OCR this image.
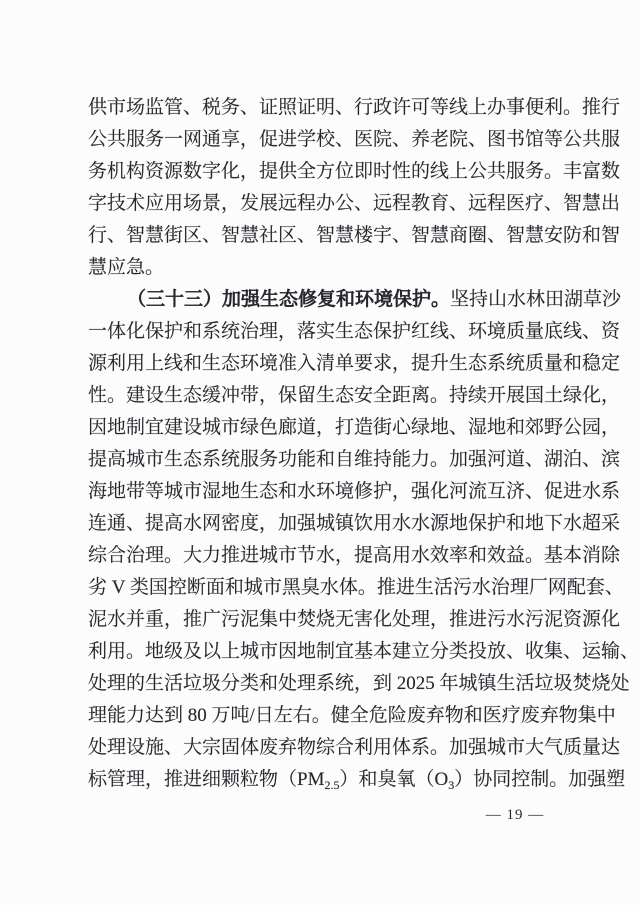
供市场监管、税务、证照证明、行政许可等线上办事便利。推行
公共服务一网通享，促进学校、医院、养老院、图书馆等公共服
务机构资源数字化，提供全方位即时性的线上公共服务。丰富数
字技术应用场景，发展远程办公、远程教育、远程医疗、智慧出
行、智慧街区、智慧社区、智慧楼宇、智慧商圈、智慧安防和智
慧应急。
（三十三）加强生态修复和环境保护。坚持山水林田湖草沙
一体化保护和系统治理，落实生态保护红线、环境质量底线、资
源利用上线和生态环境准入清单要求，提升生态系统质量和稳定
性。建设生态缓冲带，保留生态安全距离。持续开展国土绿化，
因地制宜建设城市绿色廊道，打造街心绿地、湿地和郊野公园，
提高城市生态系统服务功能和自维持能力。加强河道、湖泊、滨
海地带等城市湿地生态和水环境修护，强化河流互济、促进水系
连通、提高水网密度，加强城镇饮用水水源地保护和地下水超采
综合治理。大力推进城市节水，提高用水效率和效益。基本消除
劣 V 类国控断面和城市黑臭水体。推进生活污水治理厂网配套、
泥水并重，推广污泥集中焚烧无害化处理，推进污水污泥资源化
利用。地级及以上城市因地制宜基本建立分类投放、收集、运输、
处理的生活垃圾分类和处理系统，到 2025 年城镇生活垃圾焚烧处
理能力达到 80 万吨/日左右。健全危险废弃物和医疗废弃物集中
处理设施、大宗固体废弃物综合利用体系。加强城市大气质量达
标管理，推进细颗粒物$(PM_{2.5})$和臭氧$(O_3)$协同控制。加强塑
— 19 —
